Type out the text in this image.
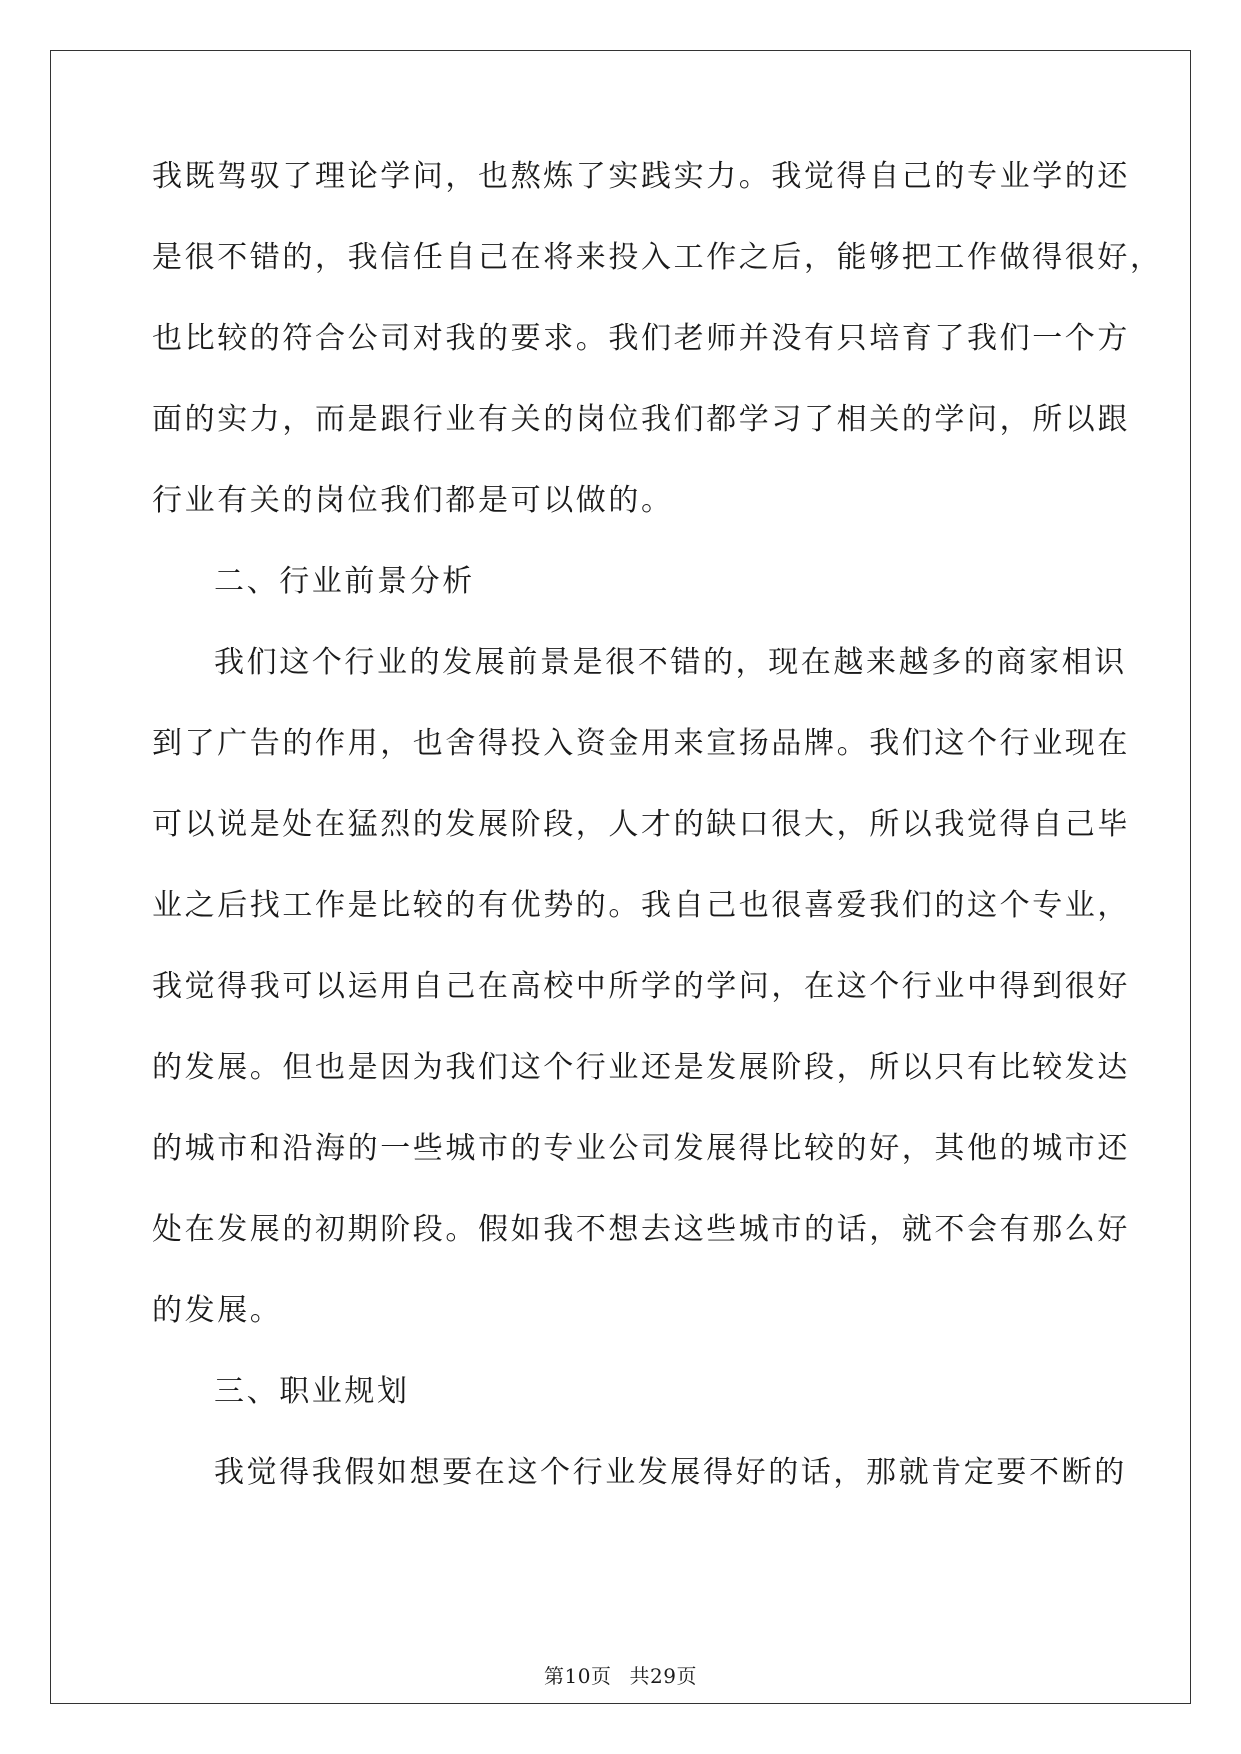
我既驾驭了理论学问，也熬炼了实践实力。我觉得自己的专业学的还
是很不错的，我信任自己在将来投入工作之后，能够把工作做得很好，
也比较的符合公司对我的要求。我们老师并没有只培育了我们一个方
面的实力，而是跟行业有关的岗位我们都学习了相关的学问，所以跟
行业有关的岗位我们都是可以做的。
二、行业前景分析
我们这个行业的发展前景是很不错的，现在越来越多的商家相识
到了广告的作用，也舍得投入资金用来宣扬品牌。我们这个行业现在
可以说是处在猛烈的发展阶段，人才的缺口很大，所以我觉得自己毕
业之后找工作是比较的有优势的。我自己也很喜爱我们的这个专业，
我觉得我可以运用自己在高校中所学的学问，在这个行业中得到很好
的发展。但也是因为我们这个行业还是发展阶段，所以只有比较发达
的城市和沿海的一些城市的专业公司发展得比较的好，其他的城市还
处在发展的初期阶段。假如我不想去这些城市的话，就不会有那么好
的发展。
三、职业规划
我觉得我假如想要在这个行业发展得好的话，那就肯定要不断的
第10页 共29页
